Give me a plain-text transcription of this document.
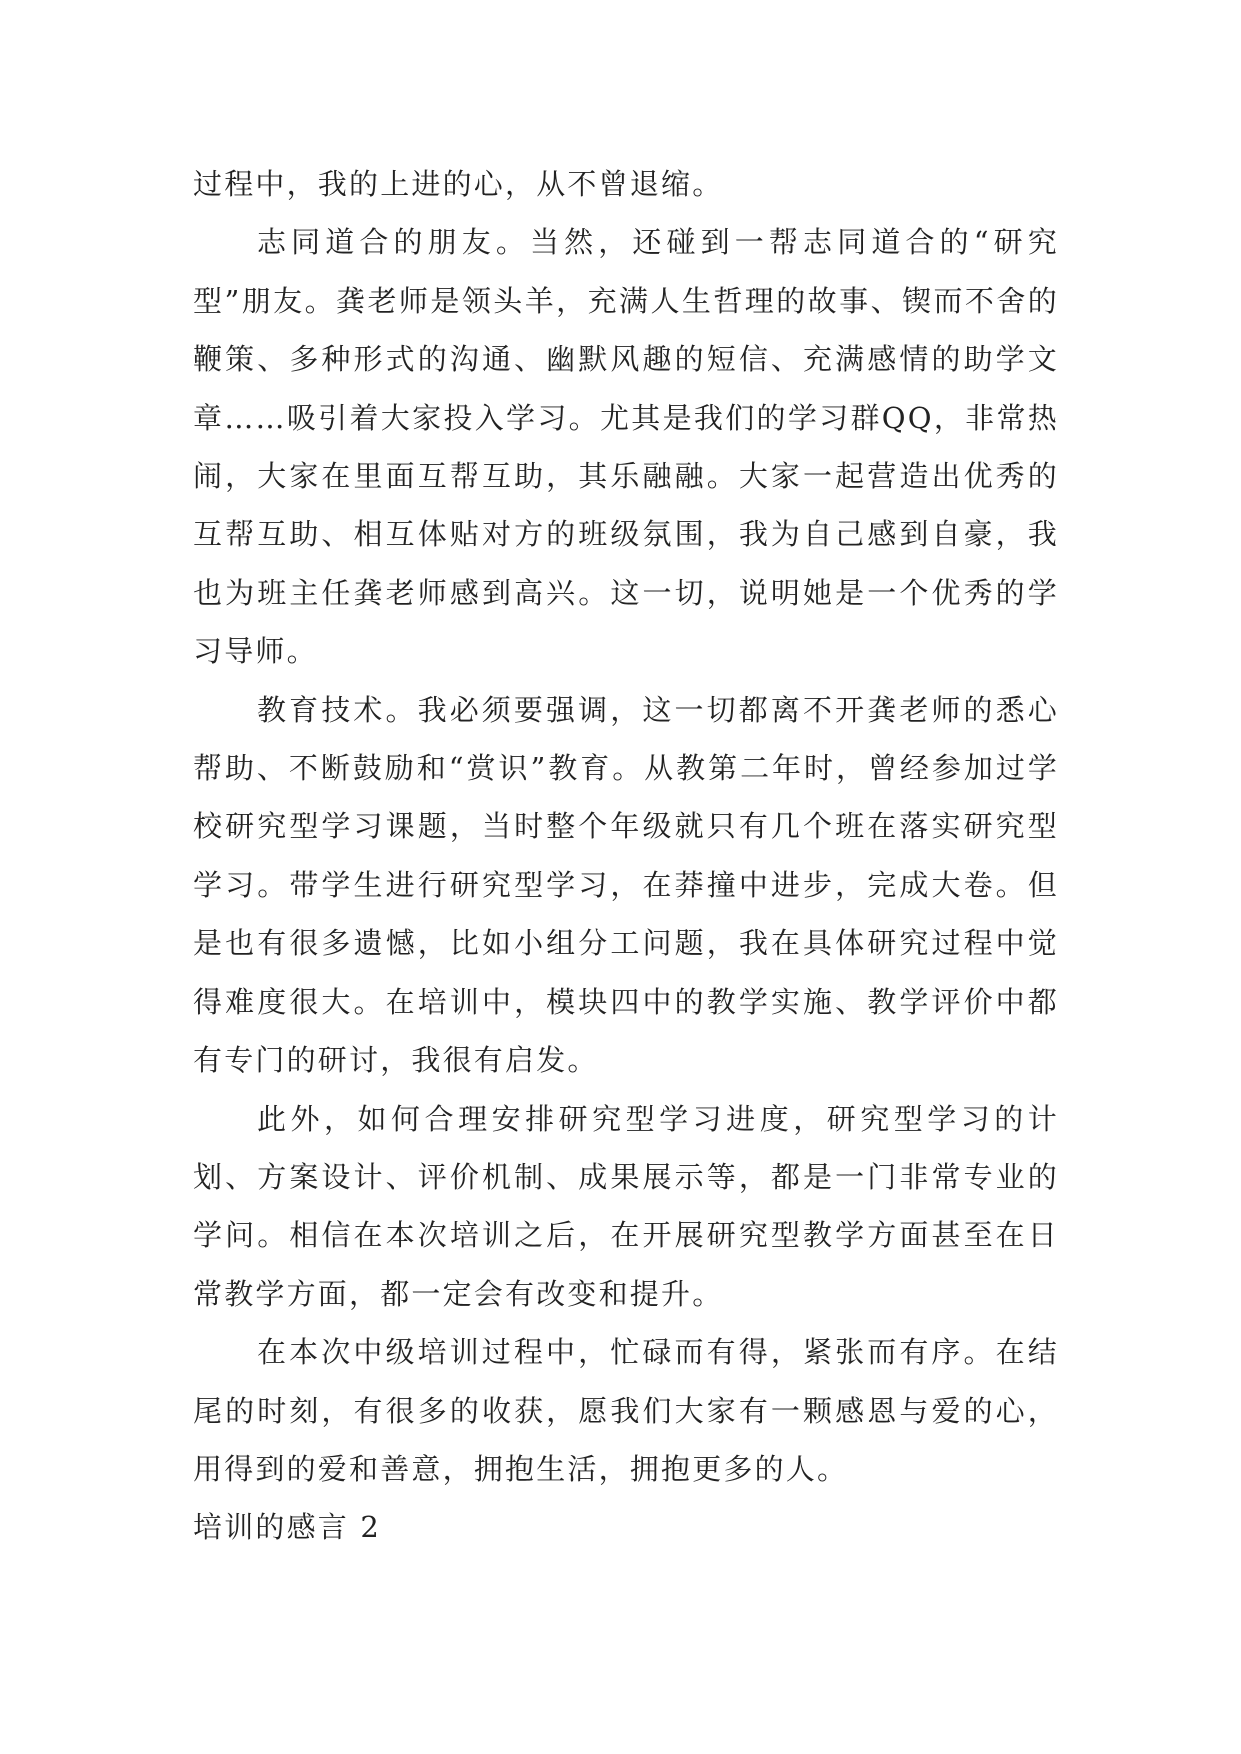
过程中，我的上进的心，从不曾退缩。

志同道合的朋友。当然，还碰到一帮志同道合的“研究型”朋友。龚老师是领头羊，充满人生哲理的故事、锲而不舍的鞭策、多种形式的沟通、幽默风趣的短信、充满感情的助学文章……吸引着大家投入学习。尤其是我们的学习群QQ，非常热闹，大家在里面互帮互助，其乐融融。大家一起营造出优秀的互帮互助、相互体贴对方的班级氛围，我为自己感到自豪，我也为班主任龚老师感到高兴。这一切，说明她是一个优秀的学习导师。

教育技术。我必须要强调，这一切都离不开龚老师的悉心帮助、不断鼓励和“赏识”教育。从教第二年时，曾经参加过学校研究型学习课题，当时整个年级就只有几个班在落实研究型学习。带学生进行研究型学习，在莽撞中进步，完成大卷。但是也有很多遗憾，比如小组分工问题，我在具体研究过程中觉得难度很大。在培训中，模块四中的教学实施、教学评价中都有专门的研讨，我很有启发。

此外，如何合理安排研究型学习进度，研究型学习的计划、方案设计、评价机制、成果展示等，都是一门非常专业的学问。相信在本次培训之后，在开展研究型教学方面甚至在日常教学方面，都一定会有改变和提升。

在本次中级培训过程中，忙碌而有得，紧张而有序。在结尾的时刻，有很多的收获，愿我们大家有一颗感恩与爱的心，用得到的爱和善意，拥抱生活，拥抱更多的人。

培训的感言 2
